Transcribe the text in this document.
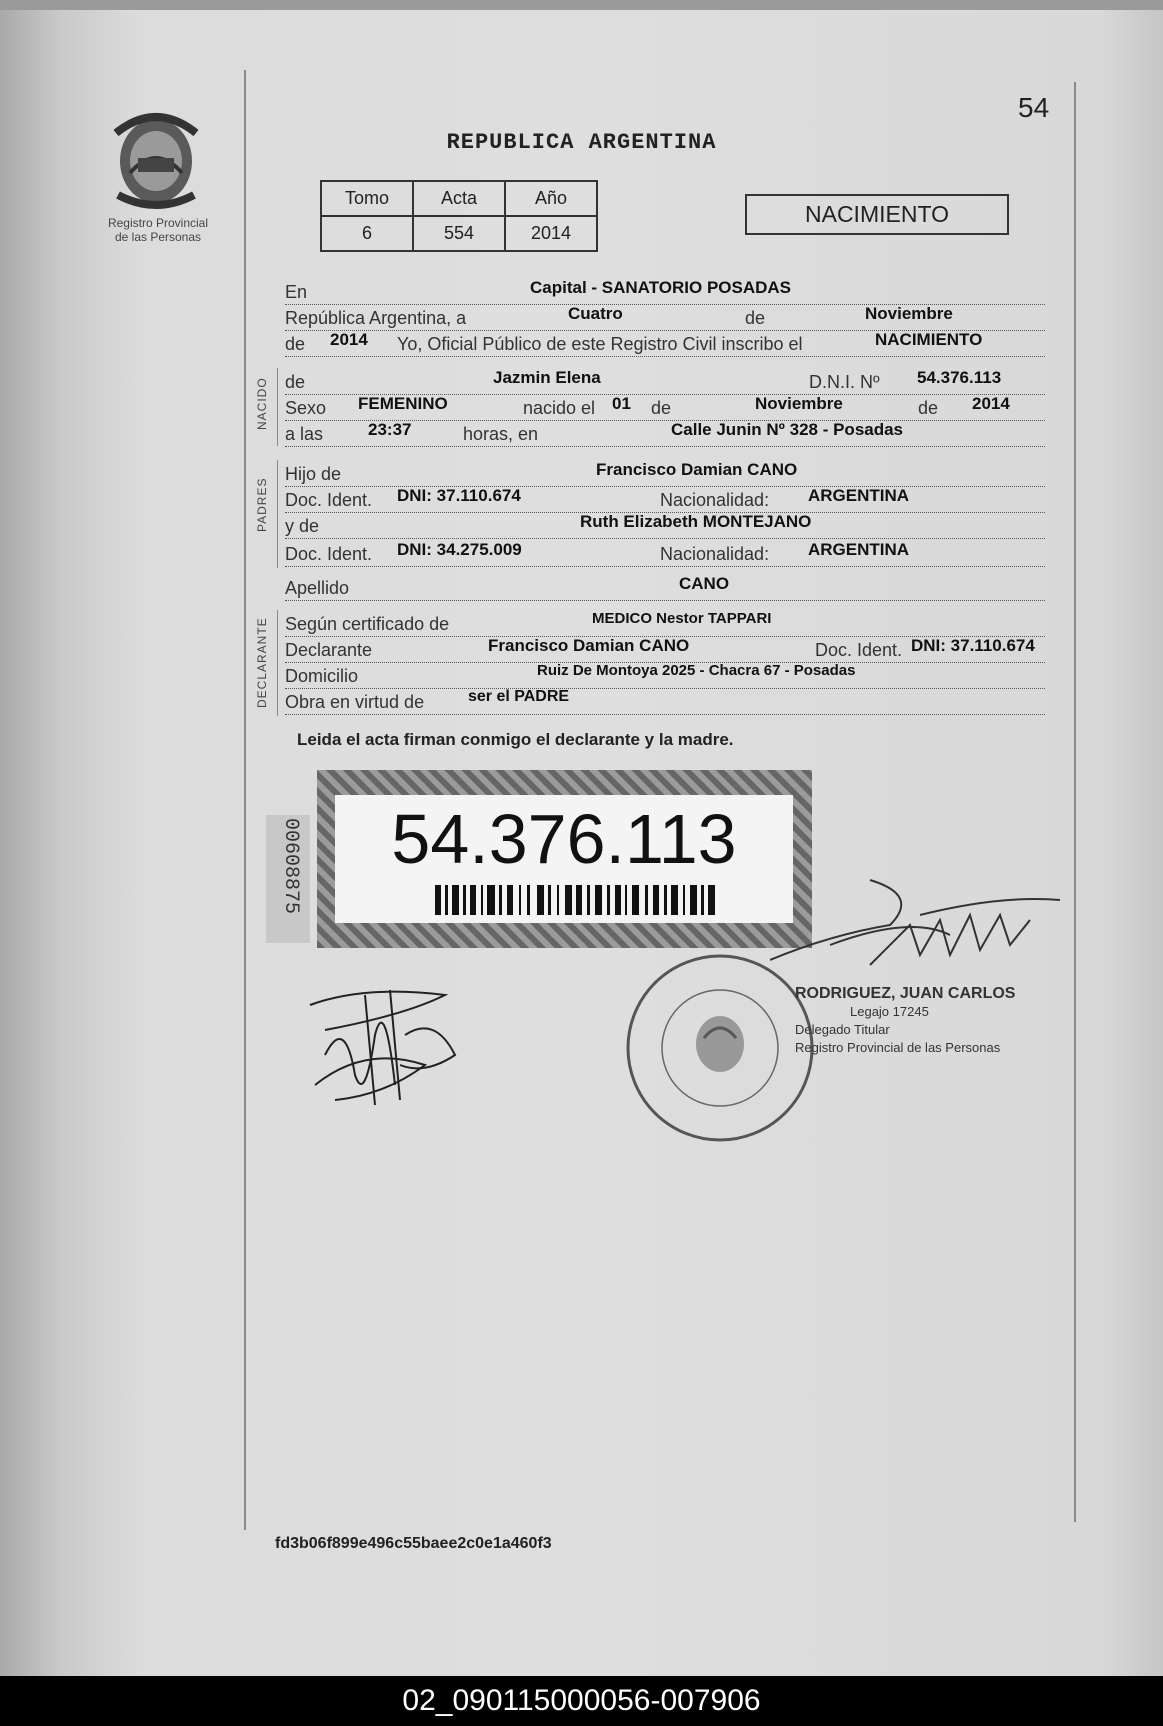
Registro Provincial
de las Personas
54
REPUBLICA ARGENTINA
Tomo	Acta	Año
6	554	2014
NACIMIENTO
En	Capital - SANATORIO POSADAS
República Argentina, a	Cuatro	de	Noviembre
de 2014 Yo, Oficial Público de este Registro Civil inscribo el	NACIMIENTO
de	Jazmin Elena	D.N.I. Nº 54.376.113
Sexo FEMENINO	nacido el 01 de	Noviembre	de 2014
a las	23:37	horas, en	Calle Junin Nº 328 - Posadas
Hijo de	Francisco Damian CANO
Doc. Ident. DNI: 37.110.674	Nacionalidad: ARGENTINA
y de	Ruth Elizabeth MONTEJANO
Doc. Ident. DNI: 34.275.009	Nacionalidad: ARGENTINA
Apellido	CANO
Según certificado de	MEDICO Nestor TAPPARI
Declarante	Francisco Damian CANO	Doc. Ident. DNI: 37.110.674
Domicilio	Ruiz De Montoya 2025 - Chacra 67 - Posadas
Obra en virtud de	ser el PADRE
NACIDO
PADRES
DECLARANTE
Leida el acta firman conmigo el declarante y la madre.
00608875	54.376.113
RODRIGUEZ, JUAN CARLOS
Legajo 17245
Delegado Titular
Registro Provincial de las Personas
fd3b06f899e496c55baee2c0e1a460f3
02_090115000056-007906
